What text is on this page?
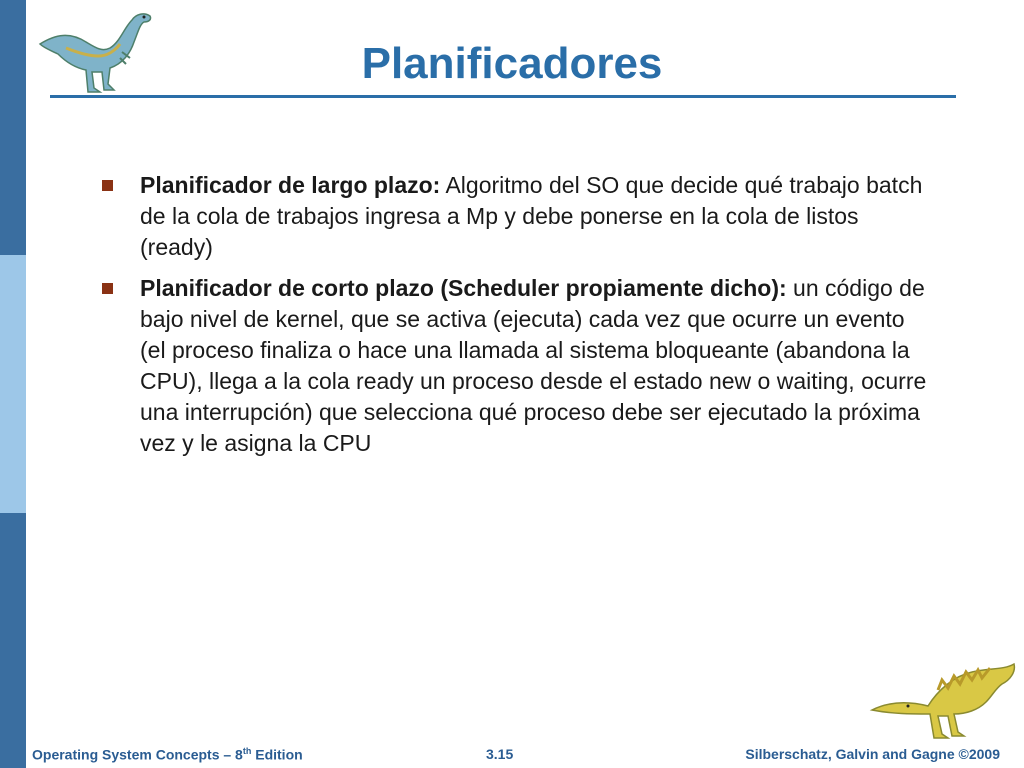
Planificadores
Planificador de largo plazo: Algoritmo del SO que decide qué trabajo batch de la cola de trabajos ingresa a Mp y debe ponerse en la cola de listos (ready)
Planificador de corto plazo (Scheduler propiamente dicho): un código de bajo nivel de kernel, que se activa (ejecuta) cada vez que ocurre un evento (el proceso finaliza o hace una llamada al sistema bloqueante (abandona la CPU), llega a la cola ready un proceso desde el estado new o waiting, ocurre una interrupción) que selecciona qué proceso debe ser ejecutado la próxima vez y le asigna la CPU
Operating System Concepts – 8th Edition	3.15	Silberschatz, Galvin and Gagne ©2009
